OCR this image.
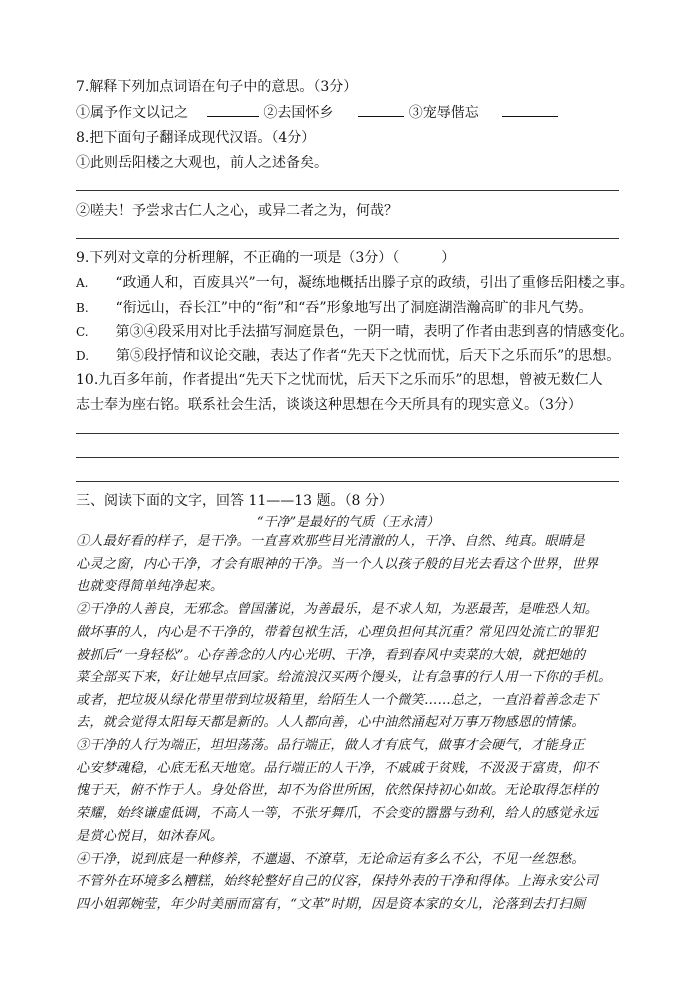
7.解释下列加点词语在句子中的意思。（3分）
①属予作文以记之	②去国怀乡	③宠辱偕忘
8.把下面句子翻译成现代汉语。（4分）
①此则岳阳楼之大观也，前人之述备矣。
②嗟夫！予尝求古仁人之心，或异二者之为，何哉？
9.下列对文章的分析理解，不正确的一项是（3分）（　　　）
A. “政通人和，百废具兴”一句，凝练地概括出滕子京的政绩，引出了重修岳阳楼之事。
B. “衔远山，吞长江”中的“衔”和“吞”形象地写出了洞庭湖浩瀚高旷的非凡气势。
C. 第③④段采用对比手法描写洞庭景色，一阴一晴，表明了作者由悲到喜的情感变化。
D. 第⑤段抒情和议论交融，表达了作者“先天下之忧而忧，后天下之乐而乐”的思想。
10.九百多年前，作者提出“先天下之忧而忧，后天下之乐而乐”的思想，曾被无数仁人
志士奉为座右铭。联系社会生活，谈谈这种思想在今天所具有的现实意义。（3分）
三、阅读下面的文字，回答 11——13 题。（8 分）
“干净”是最好的气质（王永清）
①人最好看的样子，是干净。一直喜欢那些目光清澈的人，干净、自然、纯真。眼睛是
心灵之窗，内心干净，才会有眼神的干净。当一个人以孩子般的目光去看这个世界，世界
也就变得简单纯净起来。
②干净的人善良，无邪念。曾国藩说，为善最乐，是不求人知，为恶最苦，是唯恐人知。
做坏事的人，内心是不干净的，带着包袱生活，心理负担何其沉重？常见四处流亡的罪犯
被抓后“一身轻松”。心存善念的人内心光明、干净，看到春风中卖菜的大娘，就把她的
菜全部买下来，好让她早点回家。给流浪汉买两个馒头，让有急事的行人用一下你的手机。
或者，把垃圾从绿化带里带到垃圾箱里，给陌生人一个微笑……总之，一直沿着善念走下
去，就会觉得太阳每天都是新的。人人都向善，心中油然涌起对万事万物感恩的情愫。
③干净的人行为端正，坦坦荡荡。品行端正，做人才有底气，做事才会硬气，才能身正
心安梦魂稳，心底无私天地宽。品行端正的人干净，不戚戚于贫贱，不汲汲于富贵，仰不
愧于天，俯不怍于人。身处俗世，却不为俗世所困，依然保持初心如故。无论取得怎样的
荣耀，始终谦虚低调，不高人一等，不张牙舞爪，不会变的嚣嚣与劲利，给人的感觉永远
是赏心悦目，如沐春风。
④干净，说到底是一种修养，不邋遢、不潦草，无论命运有多么不公，不见一丝怨愁。
不管外在环境多么糟糕，始终轮整好自己的仪容，保持外表的干净和得体。上海永安公司
四小姐郭婉莹，年少时美丽而富有，“文革”时期，因是资本家的女儿，沦落到去打扫厕
